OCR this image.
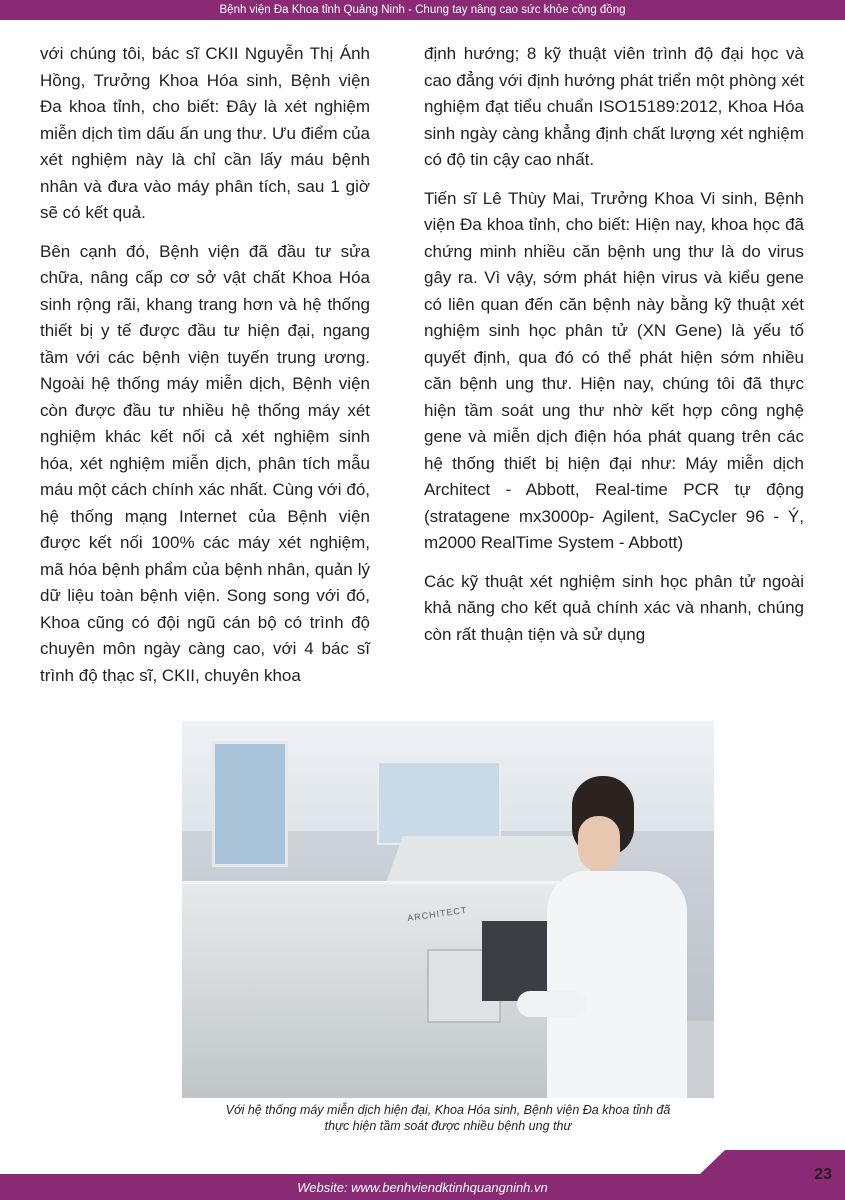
Bệnh viện Đa Khoa tỉnh Quảng Ninh - Chung tay nâng cao sức khỏe cộng đồng

với chúng tôi, bác sĩ CKII Nguyễn Thị Ánh Hồng, Trưởng Khoa Hóa sinh, Bệnh viện Đa khoa tỉnh, cho biết: Đây là xét nghiệm miễn dịch tìm dấu ấn ung thư. Ưu điểm của xét nghiệm này là chỉ cần lấy máu bệnh nhân và đưa vào máy phân tích, sau 1 giờ sẽ có kết quả.

Bên cạnh đó, Bệnh viện đã đầu tư sửa chữa, nâng cấp cơ sở vật chất Khoa Hóa sinh rộng rãi, khang trang hơn và hệ thống thiết bị y tế được đầu tư hiện đại, ngang tầm với các bệnh viện tuyến trung ương. Ngoài hệ thống máy miễn dịch, Bệnh viện còn được đầu tư nhiều hệ thống máy xét nghiệm khác kết nối cả xét nghiệm sinh hóa, xét nghiệm miễn dịch, phân tích mẫu máu một cách chính xác nhất. Cùng với đó, hệ thống mạng Internet của Bệnh viện được kết nối 100% các máy xét nghiệm, mã hóa bệnh phẩm của bệnh nhân, quản lý dữ liệu toàn bệnh viện. Song song với đó, Khoa cũng có đội ngũ cán bộ có trình độ chuyên môn ngày càng cao, với 4 bác sĩ trình độ thạc sĩ, CKII, chuyên khoa

định hướng; 8 kỹ thuật viên trình độ đại học và cao đẳng với định hướng phát triển một phòng xét nghiệm đạt tiểu chuẩn ISO15189:2012, Khoa Hóa sinh ngày càng khẳng định chất lượng xét nghiệm có độ tin cậy cao nhất.

Tiến sĩ Lê Thùy Mai, Trưởng Khoa Vi sinh, Bệnh viện Đa khoa tỉnh, cho biết: Hiện nay, khoa học đã chứng minh nhiều căn bệnh ung thư là do virus gây ra. Vì vậy, sớm phát hiện virus và kiểu gene có liên quan đến căn bệnh này bằng kỹ thuật xét nghiệm sinh học phân tử (XN Gene) là yếu tố quyết định, qua đó có thể phát hiện sớm nhiều căn bệnh ung thư. Hiện nay, chúng tôi đã thực hiện tầm soát ung thư nhờ kết hợp công nghệ gene và miễn dịch điện hóa phát quang trên các hệ thống thiết bị hiện đại như: Máy miễn dịch Architect - Abbott, Real-time PCR tự động (stratagene mx3000p- Agilent, SaCycler 96 - Ý, m2000 RealTime System - Abbott)

Các kỹ thuật xét nghiệm sinh học phân tử ngoài khả năng cho kết quả chính xác và nhanh, chúng còn rất thuận tiện và sử dụng

ARCHITECT
Với hệ thống máy miễn dịch hiện đại, Khoa Hóa sinh, Bệnh viện Đa khoa tỉnh đã
thực hiện tầm soát được nhiều bệnh ung thư
23
Website: www.benhviendktinhquangninh.vn
